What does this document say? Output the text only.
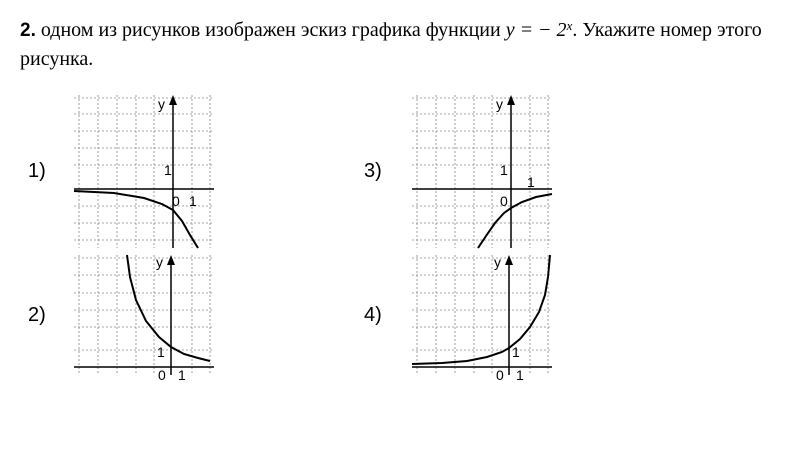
2. одном из рисунков изображен эскиз графика функции y = − $2^x$. Укажите номер этого рисунка.
1)
y
1
0 1
2)
y
1
0 1
3)
y
1
0
1
4)
y
1
0 1
